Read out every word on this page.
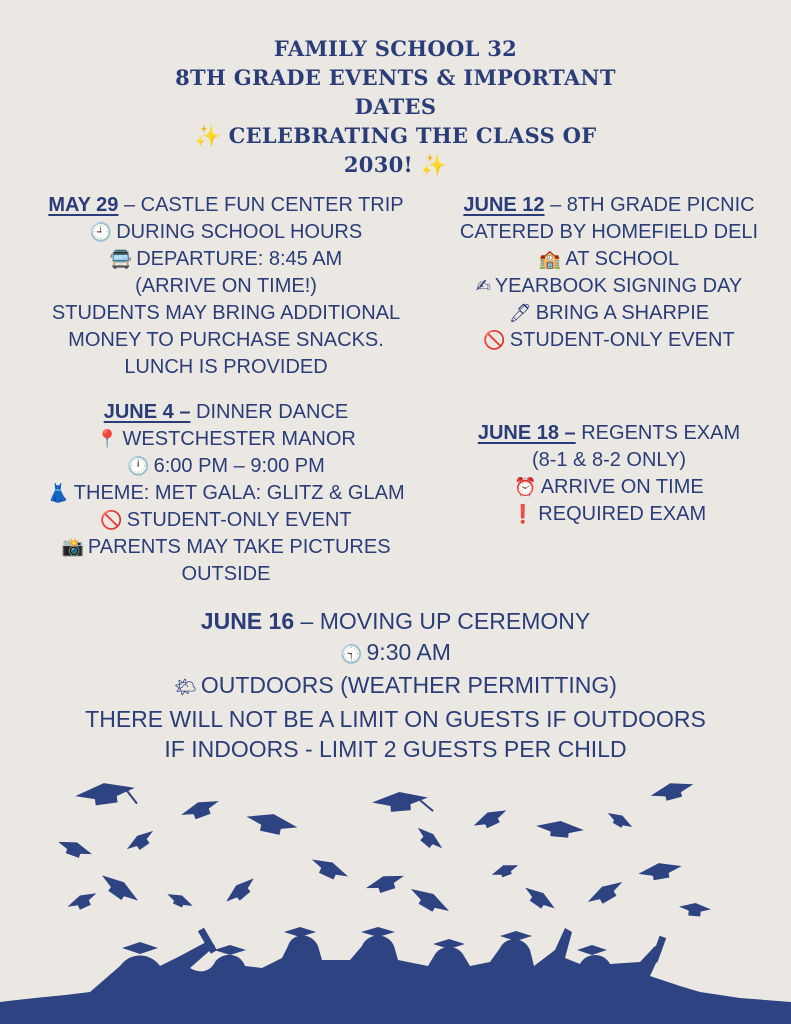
FAMILY SCHOOL 32
8TH GRADE EVENTS & IMPORTANT
DATES
✨ CELEBRATING THE CLASS OF
2030! ✨
MAY 29 – CASTLE FUN CENTER TRIP
🕘 DURING SCHOOL HOURS
🚍 DEPARTURE: 8:45 AM
(ARRIVE ON TIME!)
STUDENTS MAY BRING ADDITIONAL
MONEY TO PURCHASE SNACKS.
LUNCH IS PROVIDED
JUNE 12 – 8TH GRADE PICNIC
CATERED BY HOMEFIELD DELI
🏫 AT SCHOOL
✍ YEARBOOK SIGNING DAY
🖊 BRING A SHARPIE
🚫 STUDENT-ONLY EVENT
JUNE 4 – DINNER DANCE
📍 WESTCHESTER MANOR
🕛 6:00 PM – 9:00 PM
👗 THEME: MET GALA: GLITZ & GLAM
🚫 STUDENT-ONLY EVENT
📸 PARENTS MAY TAKE PICTURES
OUTSIDE
JUNE 18 – REGENTS EXAM
(8-1 & 8-2 ONLY)
⏰ ARRIVE ON TIME
❗ REQUIRED EXAM
JUNE 16 – MOVING UP CEREMONY
🕤 9:30 AM
🌤 OUTDOORS (WEATHER PERMITTING)
THERE WILL NOT BE A LIMIT ON GUESTS IF OUTDOORS
IF INDOORS - LIMIT 2 GUESTS PER CHILD
